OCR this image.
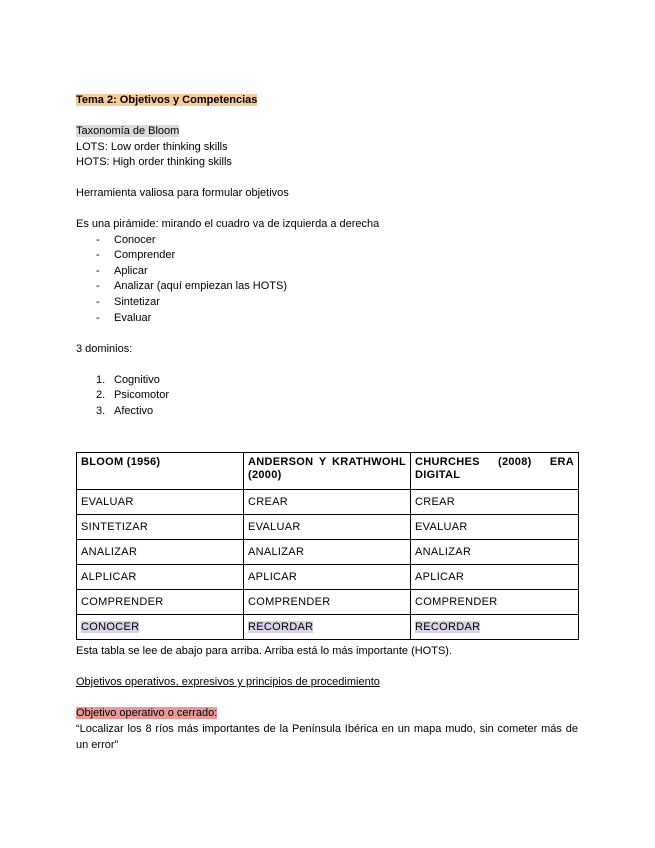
Tema 2: Objetivos y Competencias
Taxonomía de Bloom
LOTS: Low order thinking skills
HOTS: High order thinking skills
Herramienta valiosa para formular objetivos
Es una pirámide: mirando el cuadro va de izquierda a derecha
- Conocer
- Comprender
- Aplicar
- Analizar (aquí empiezan las HOTS)
- Sintetizar
- Evaluar
3 dominios:
1. Cognitivo
2. Psicomotor
3. Afectivo
BLOOM (1956)	ANDERSON Y KRATHWOHL (2000)	CHURCHES (2008) ERA DIGITAL
EVALUAR	CREAR	CREAR
SINTETIZAR	EVALUAR	EVALUAR
ANALIZAR	ANALIZAR	ANALIZAR
ALPLICAR	APLICAR	APLICAR
COMPRENDER	COMPRENDER	COMPRENDER
CONOCER	RECORDAR	RECORDAR
Esta tabla se lee de abajo para arriba. Arriba está lo más importante (HOTS).
Objetivos operativos, expresivos y principios de procedimiento
Objetivo operativo o cerrado:
“Localizar los 8 ríos más importantes de la Península Ibérica en un mapa mudo, sin cometer más de un error”
